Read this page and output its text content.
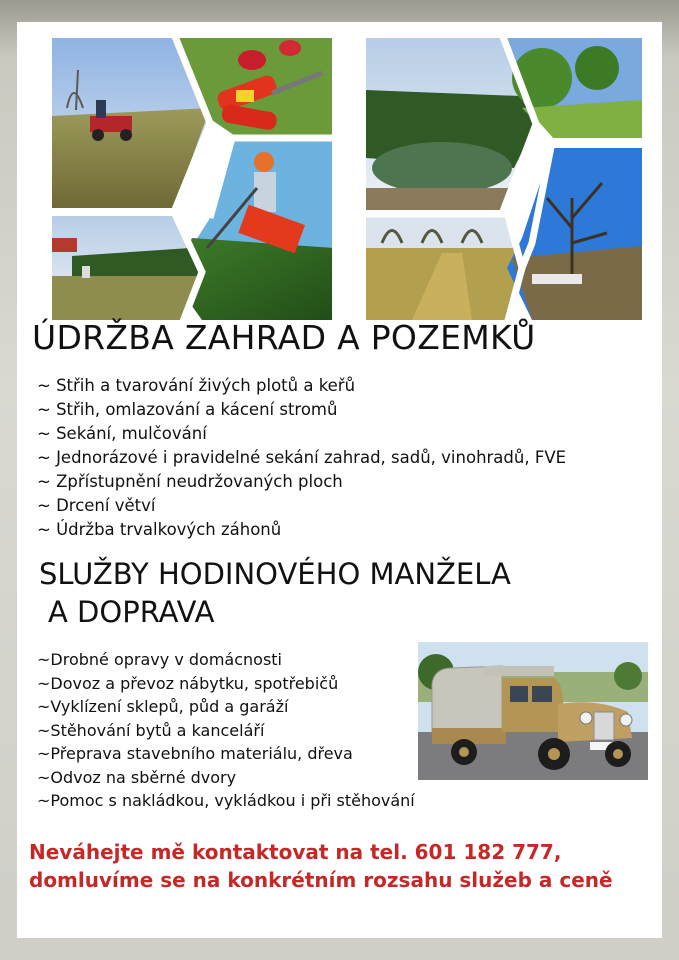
ÚDRŽBA ZAHRAD A POZEMKŮ
~ Střih a tvarování živých plotů a keřů
~ Střih, omlazování a kácení stromů
~ Sekání, mulčování
~ Jednorázové i pravidelné sekání zahrad, sadů, vinohradů, FVE
~ Zpřístupnění neudržovaných ploch
~ Drcení větví
~ Údržba trvalkových záhonů
SLUŽBY HODINOVÉHO MANŽELA
A DOPRAVA
~Drobné opravy v domácnosti
~Dovoz a převoz nábytku, spotřebičů
~Vyklízení sklepů, půd a garáží
~Stěhování bytů a kanceláří
~Přeprava stavebního materiálu, dřeva
~Odvoz na sběrné dvory
~Pomoc s nakládkou, vykládkou i při stěhování

Neváhejte mě kontaktovat na tel. 601 182 777,
domluvíme se na konkrétním rozsahu služeb a ceně
